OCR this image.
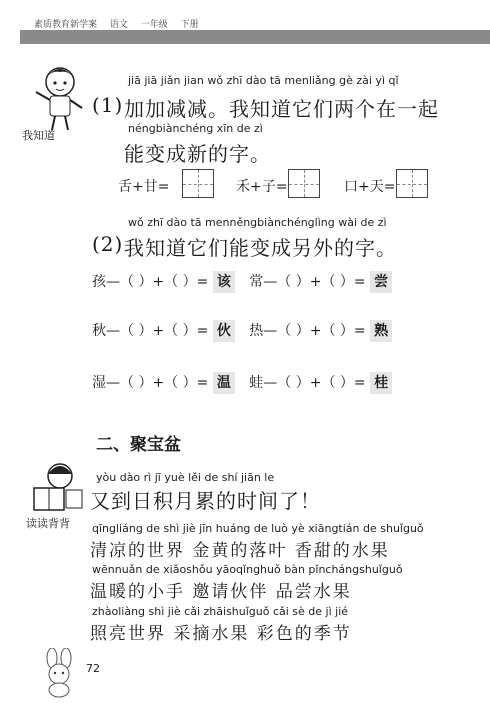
素质教育新学案 语文 一年级 下册
我知道
jiā jiā jiǎn jian wǒ zhī dào tā menliǎng gè zài yì qǐ
(1) 加加减减。我知道它们两个在一起
néngbiànchéng xīn de zì
能变成新的字。
舌+甘=	禾+子=	口+天=
wǒ zhī dào tā menněngbiànchénglìng wài de zì
(2) 我知道它们能变成另外的字。
孩—（ ）+（ ）= 该 常—（ ）+（ ）= 尝
秋—（ ）+（ ）= 伙 热—（ ）+（ ）= 熟
湿—（ ）+（ ）= 温 蛙—（ ）+（ ）= 桂
二、聚宝盆
读读背背
yòu dào rì jī yuè lěi de shí jiān le
又到日积月累的时间了！
qīngliáng de shì jiè jīn huáng de luò yè xiāngtián de shuǐguǒ
清凉的世界 金黄的落叶 香甜的水果
wēnnuǎn de xiǎoshǒu yāoqǐnghuǒ bàn pǐnchángshuǐguǒ
温暖的小手 邀请伙伴 品尝水果
zhàoliàng shì jiè cǎi zhāishuǐguǒ cǎi sè de jì jié
照亮世界 采摘水果 彩色的季节
72
